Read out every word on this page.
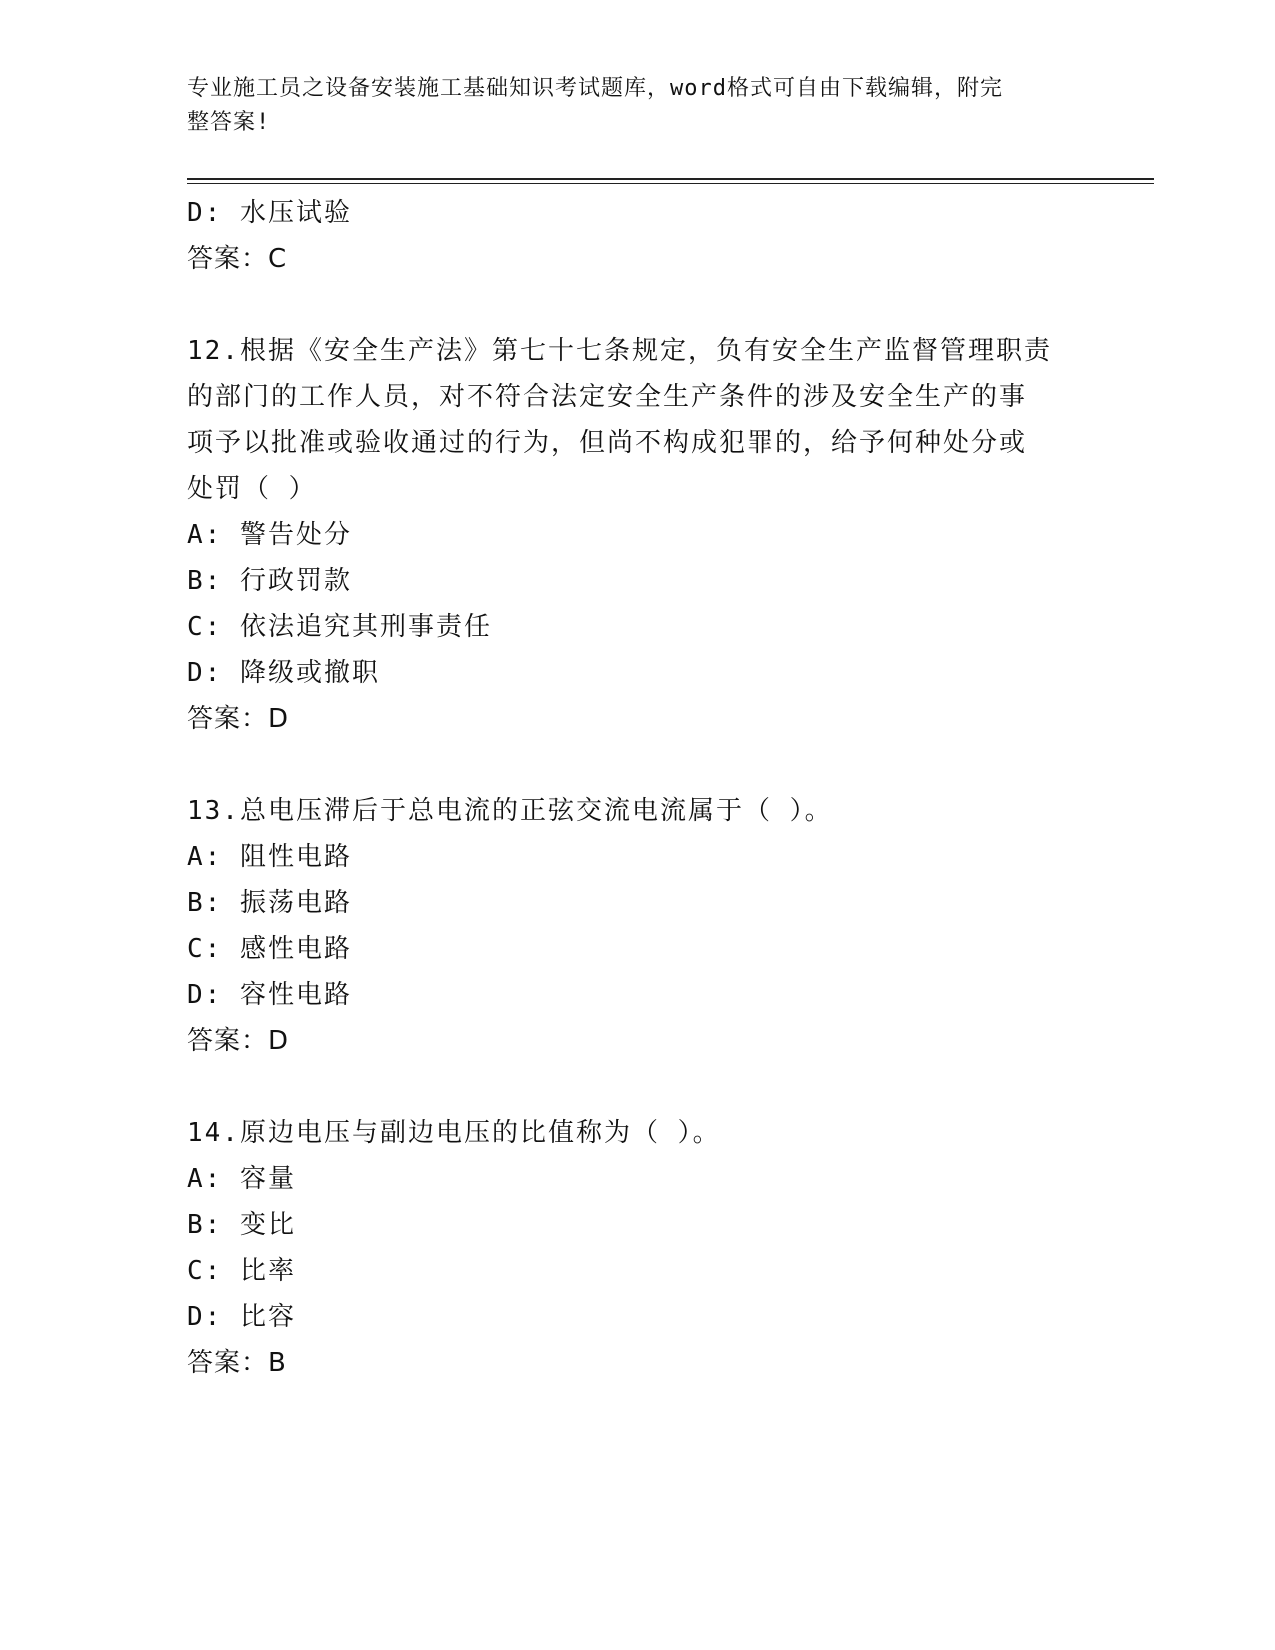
专业施工员之设备安装施工基础知识考试题库，word格式可自由下载编辑，附完
整答案!
D: 水压试验
答案：C
12.根据《安全生产法》第七十七条规定，负有安全生产监督管理职责
的部门的工作人员，对不符合法定安全生产条件的涉及安全生产的事
项予以批准或验收通过的行为，但尚不构成犯罪的，给予何种处分或
处罚（ ）
A: 警告处分
B: 行政罚款
C: 依法追究其刑事责任
D: 降级或撤职
答案：D
13.总电压滞后于总电流的正弦交流电流属于（ ）。
A: 阻性电路
B: 振荡电路
C: 感性电路
D: 容性电路
答案：D
14.原边电压与副边电压的比值称为（ ）。
A: 容量
B: 变比
C: 比率
D: 比容
答案：B
